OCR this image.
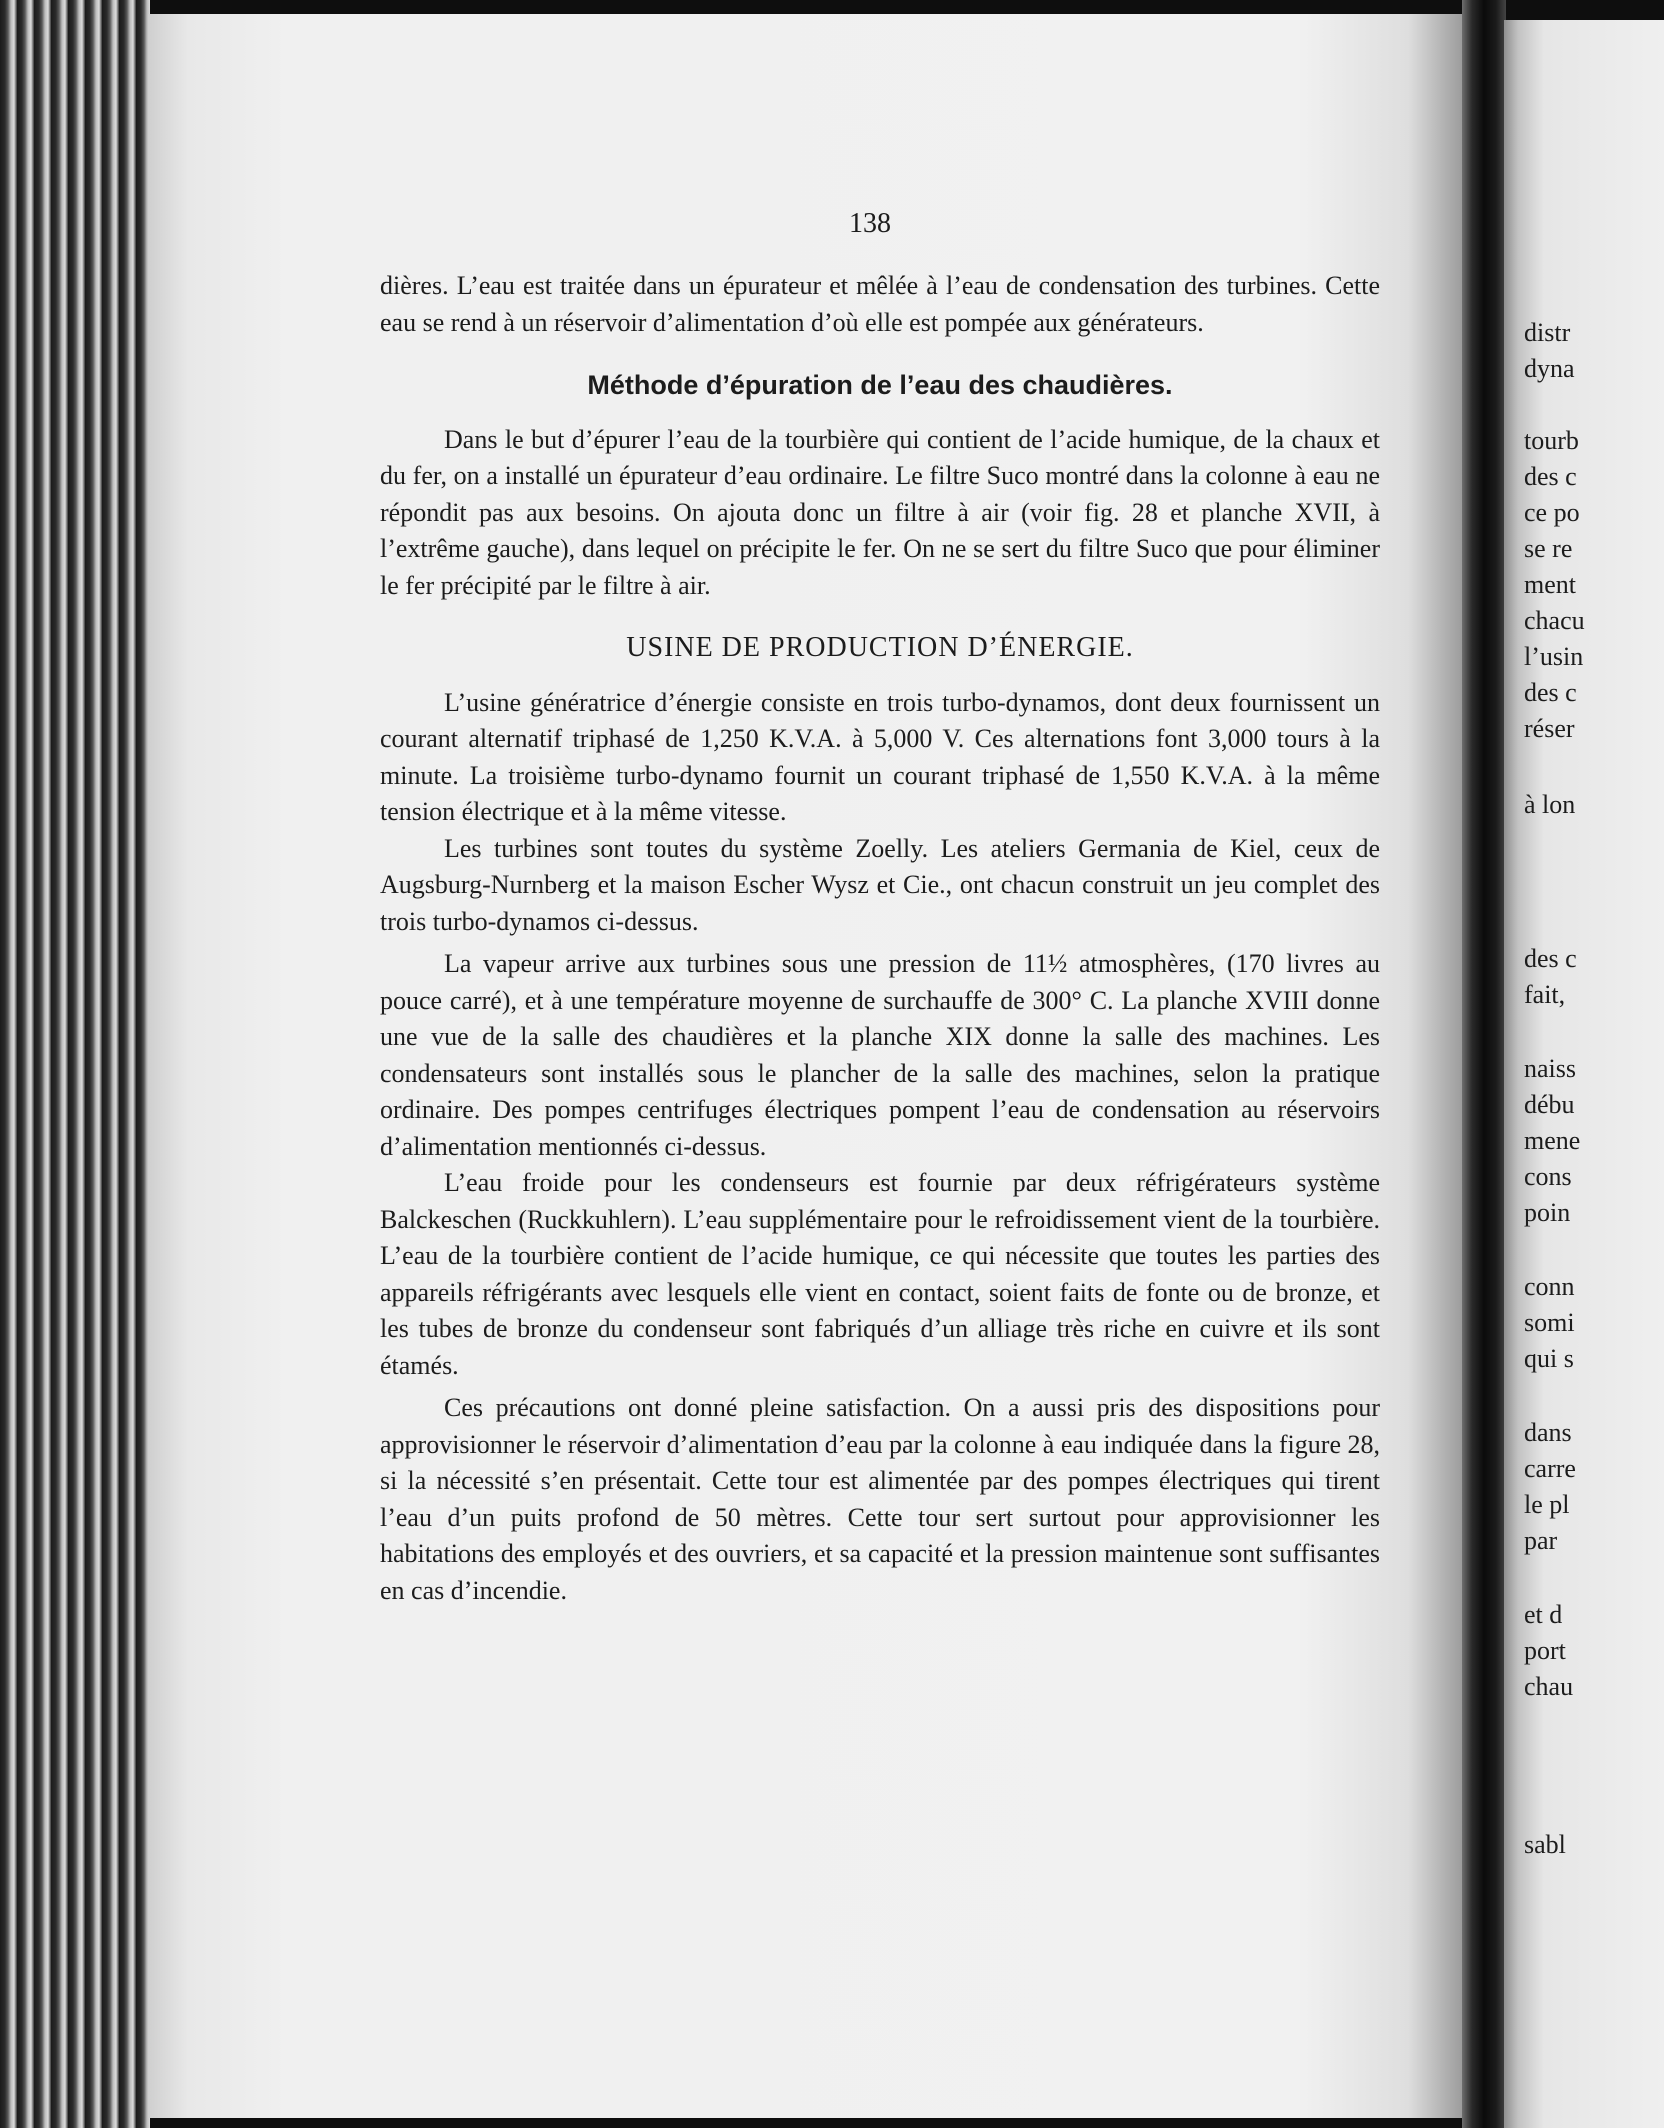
138

dières. L’eau est traitée dans un épurateur et mêlée à l’eau de condensation des turbines. Cette eau se rend à un réservoir d’alimentation d’où elle est pompée aux générateurs.

Méthode d’épuration de l’eau des chaudières.

Dans le but d’épurer l’eau de la tourbière qui contient de l’acide humique, de la chaux et du fer, on a installé un épurateur d’eau ordinaire. Le filtre Suco montré dans la colonne à eau ne répondit pas aux besoins. On ajouta donc un filtre à air (voir fig. 28 et planche XVII, à l’extrême gauche), dans lequel on précipite le fer. On ne se sert du filtre Suco que pour éliminer le fer précipité par le filtre à air.

USINE DE PRODUCTION D’ÉNERGIE.

L’usine génératrice d’énergie consiste en trois turbo-dynamos, dont deux fournissent un courant alternatif triphasé de 1,250 K.V.A. à 5,000 V. Ces alternations font 3,000 tours à la minute. La troisième turbo-dynamo fournit un courant triphasé de 1,550 K.V.A. à la même tension électrique et à la même vitesse.

Les turbines sont toutes du système Zoelly. Les ateliers Germania de Kiel, ceux de Augsburg-Nurnberg et la maison Escher Wysz et Cie., ont chacun construit un jeu complet des trois turbo-dynamos ci-dessus.

La vapeur arrive aux turbines sous une pression de 11½ atmosphères, (170 livres au pouce carré), et à une température moyenne de surchauffe de 300° C. La planche XVIII donne une vue de la salle des chaudières et la planche XIX donne la salle des machines. Les condensateurs sont installés sous le plancher de la salle des machines, selon la pratique ordinaire. Des pompes centrifuges électriques pompent l’eau de condensation au réservoirs d’alimentation mentionnés ci-dessus.

L’eau froide pour les condenseurs est fournie par deux réfrigérateurs système Balckeschen (Ruckkuhlern). L’eau supplémentaire pour le refroidissement vient de la tourbière. L’eau de la tourbière contient de l’acide humique, ce qui nécessite que toutes les parties des appareils réfrigérants avec lesquels elle vient en contact, soient faits de fonte ou de bronze, et les tubes de bronze du condenseur sont fabriqués d’un alliage très riche en cuivre et ils sont étamés.

Ces précautions ont donné pleine satisfaction. On a aussi pris des dispositions pour approvisionner le réservoir d’alimentation d’eau par la colonne à eau indiquée dans la figure 28, si la nécessité s’en présentait. Cette tour est alimentée par des pompes électriques qui tirent l’eau d’un puits profond de 50 mètres. Cette tour sert surtout pour approvisionner les habitations des employés et des ouvriers, et sa capacité et la pression maintenue sont suffisantes en cas d’incendie.

distr
dyna
tourb
des c
ce po
se re
ment
chacu
l’usin
des c
réser
à lon
des c
fait,
naiss
débu
mene
cons
poin
conn
somi
qui s
dans
carre
le pl
par
et d
port
chau
sabl
